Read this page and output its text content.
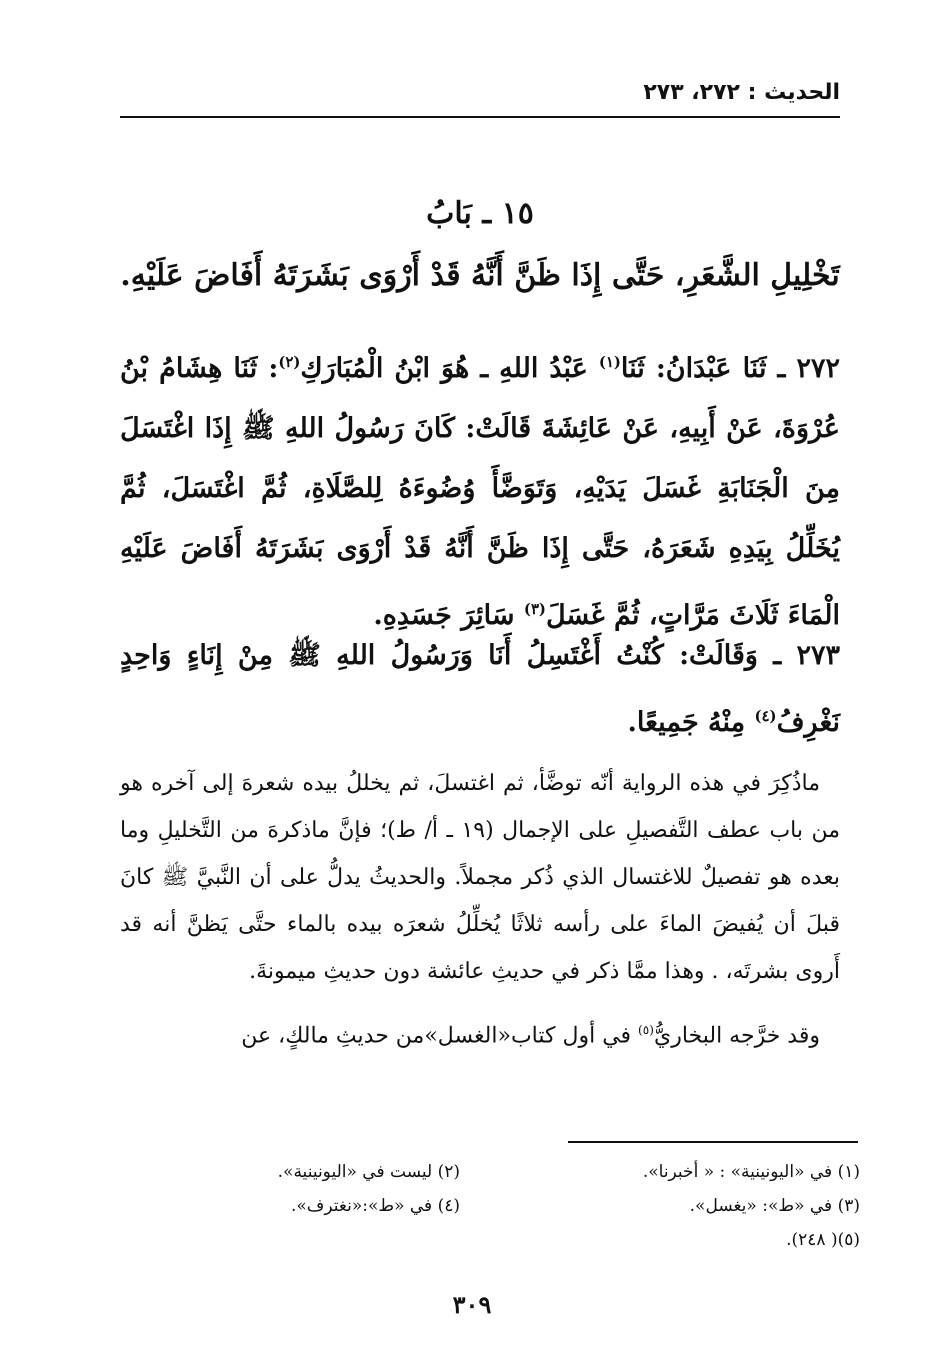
الحديث : ٢٧٢، ٢٧٣
١٥ ـ بَابُ
تَخْلِيلِ الشَّعَرِ، حَتَّى إِذَا ظَنَّ أَنَّهُ قَدْ أَرْوَى بَشَرَتَهُ أَفَاضَ عَلَيْهِ.
٢٧٢ ـ ثَنَا عَبْدَانُ: ثَنَا$^{(١)}$ عَبْدُ اللهِ ـ هُوَ ابْنُ الْمُبَارَكِ$^{(٢)}$: ثَنَا هِشَامُ بْنُ عُرْوَةَ، عَنْ أَبِيهِ، عَنْ عَائِشَةَ قَالَتْ: كَانَ رَسُولُ اللهِ ﷺ إِذَا اغْتَسَلَ مِنَ الْجَنَابَةِ غَسَلَ يَدَيْهِ، وَتَوَضَّأَ وُضُوءَهُ لِلصَّلَاةِ، ثُمَّ اغْتَسَلَ، ثُمَّ يُخَلِّلُ بِيَدِهِ شَعَرَهُ، حَتَّى إِذَا ظَنَّ أَنَّهُ قَدْ أَرْوَى بَشَرَتَهُ أَفَاضَ عَلَيْهِ الْمَاءَ ثَلَاثَ مَرَّاتٍ، ثُمَّ غَسَلَ$^{(٣)}$ سَائِرَ جَسَدِهِ.
٢٧٣ ـ وَقَالَتْ: كُنْتُ أَغْتَسِلُ أَنَا وَرَسُولُ اللهِ ﷺ مِنْ إِنَاءٍ وَاحِدٍ نَغْرِفُ$^{(٤)}$ مِنْهُ جَمِيعًا.

ماذُكِرَ في هذه الرواية أنّه توضَّأ، ثم اغتسلَ، ثم يخللُ بيده شعرهَ إلى آخره هو من باب عطف التَّفصيلِ على الإجمال (١٩ ـ أ/ ط)؛ فإنَّ ماذكرهَ من التَّخليلِ وما بعده هو تفصيلٌ للاغتسال الذي ذُكر مجملاً. والحديثُ يدلُّ على أن النَّبيَّ ﷺ كانَ قبلَ أن يُفيضَ الماءَ على رأسه ثلاثًا يُخلِّلُ شعرَه بيده بالماء حتَّى يَظنَّ أنه قد أَروى بشرتَه، . وهذا ممَّا ذكر في حديثِ عائشة دون حديثِ ميمونةَ.

وقد خرَّجه البخاريُّ$^{(٥)}$ في أول كتاب«الغسل»من حديثِ مالكٍ، عن

(١) في «اليونينية» : « أخبرنا».
(٢) ليست في «اليونينية».
(٣) في «ط»: «يغسل».
(٤) في «ط»:«نغترف».
(٥)( ٢٤٨).
٣٠٩
